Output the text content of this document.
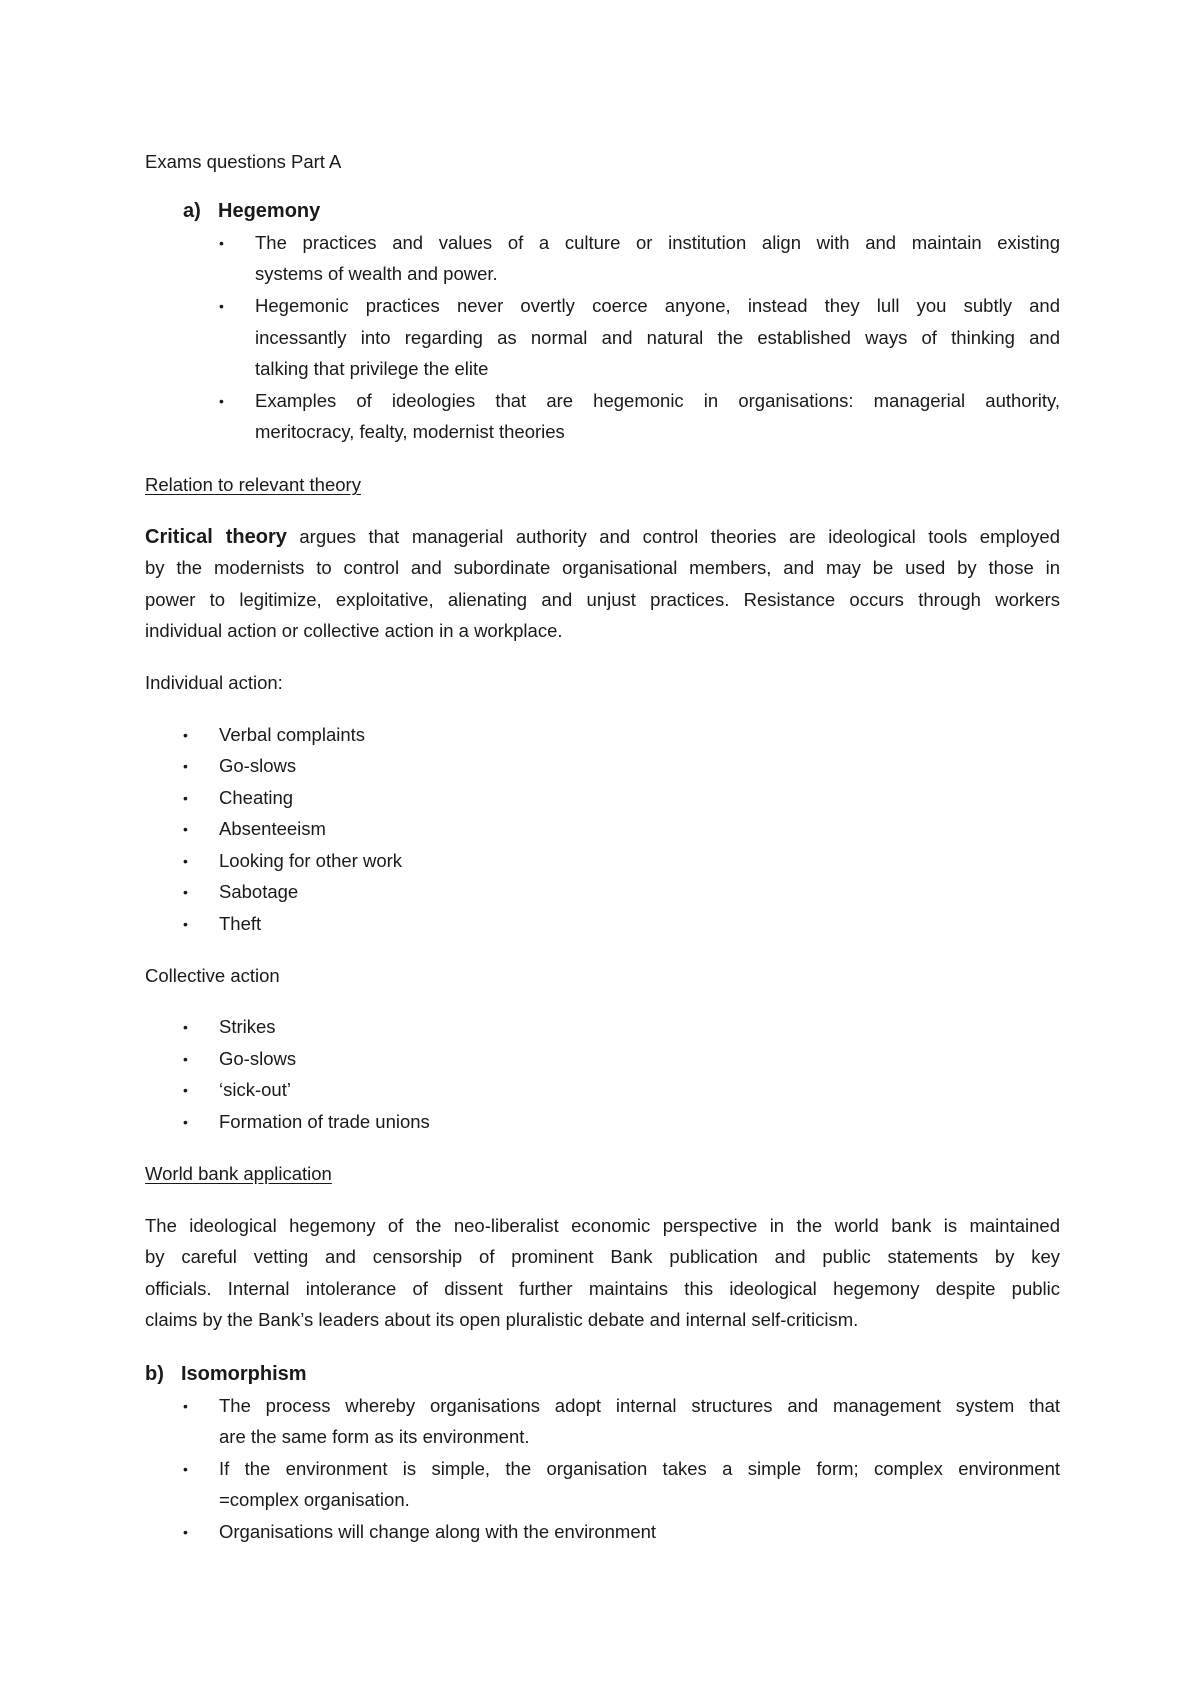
Exams questions Part A
a) Hegemony
• The practices and values of a culture or institution align with and maintain existing
systems of wealth and power.
• Hegemonic practices never overtly coerce anyone, instead they lull you subtly and
incessantly into regarding as normal and natural the established ways of thinking and
talking that privilege the elite
• Examples of ideologies that are hegemonic in organisations: managerial authority,
meritocracy, fealty, modernist theories
Relation to relevant theory
Critical theory argues that managerial authority and control theories are ideological tools employed
by the modernists to control and subordinate organisational members, and may be used by those in
power to legitimize, exploitative, alienating and unjust practices. Resistance occurs through workers
individual action or collective action in a workplace.
Individual action:
• Verbal complaints
• Go-slows
• Cheating
• Absenteeism
• Looking for other work
• Sabotage
• Theft
Collective action
• Strikes
• Go-slows
• ‘sick-out’
• Formation of trade unions
World bank application
The ideological hegemony of the neo-liberalist economic perspective in the world bank is maintained
by careful vetting and censorship of prominent Bank publication and public statements by key
officials. Internal intolerance of dissent further maintains this ideological hegemony despite public
claims by the Bank’s leaders about its open pluralistic debate and internal self-criticism.
b) Isomorphism
• The process whereby organisations adopt internal structures and management system that
are the same form as its environment.
• If the environment is simple, the organisation takes a simple form; complex environment
=complex organisation.
• Organisations will change along with the environment
